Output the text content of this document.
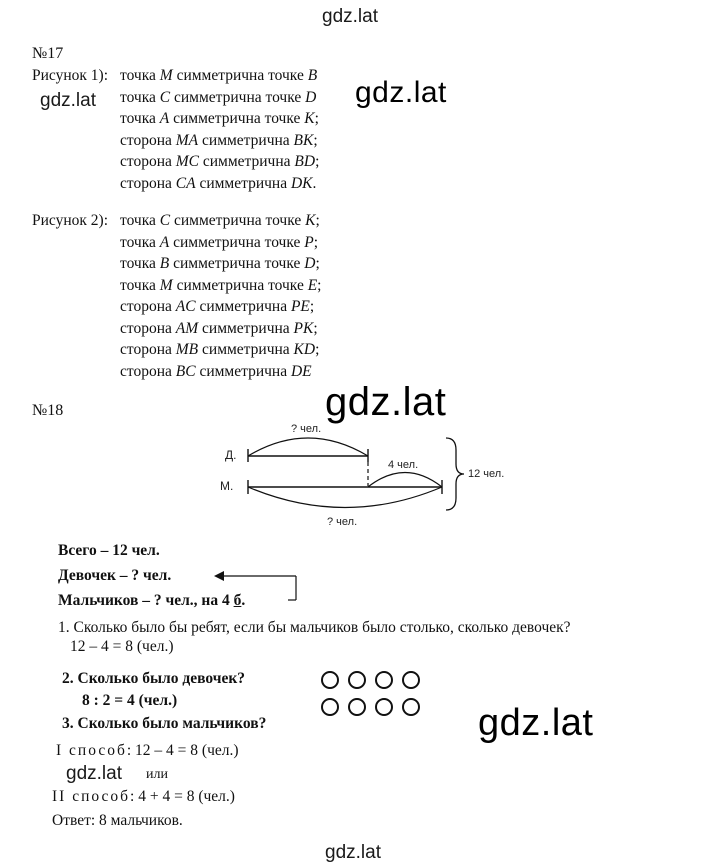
gdz.lat
№17
Рисунок 1): точка M симметрична точке B
точка C симметрична точке D
точка A симметрична точке K;
сторона MA симметрична BK;
сторона MC симметрична BD;
сторона CA симметрична DK.
gdz.lat	gdz.lat
Рисунок 2): точка C симметрична точке K;
точка A симметрична точке P;
точка B симметрична точке D;
точка M симметрична точке E;
сторона AC симметрична PE;
сторона AM симметрична PK;
сторона MB симметрична KD;
сторона BC симметрична DE
№18	gdz.lat
? чел.
4 чел.
12 чел.
? чел.
Д.
М.
Всего – 12 чел.
Девочек – ? чел.
Мальчиков – ? чел., на 4 б.
1. Сколько было бы ребят, если бы мальчиков было столько, сколько девочек?
12 – 4 = 8 (чел.)
2. Сколько было девочек?
8 : 2 = 4 (чел.)
3. Сколько было мальчиков?	gdz.lat
I способ: 12 – 4 = 8 (чел.)
gdz.lat или
II способ: 4 + 4 = 8 (чел.)
Ответ: 8 мальчиков.
gdz.lat
